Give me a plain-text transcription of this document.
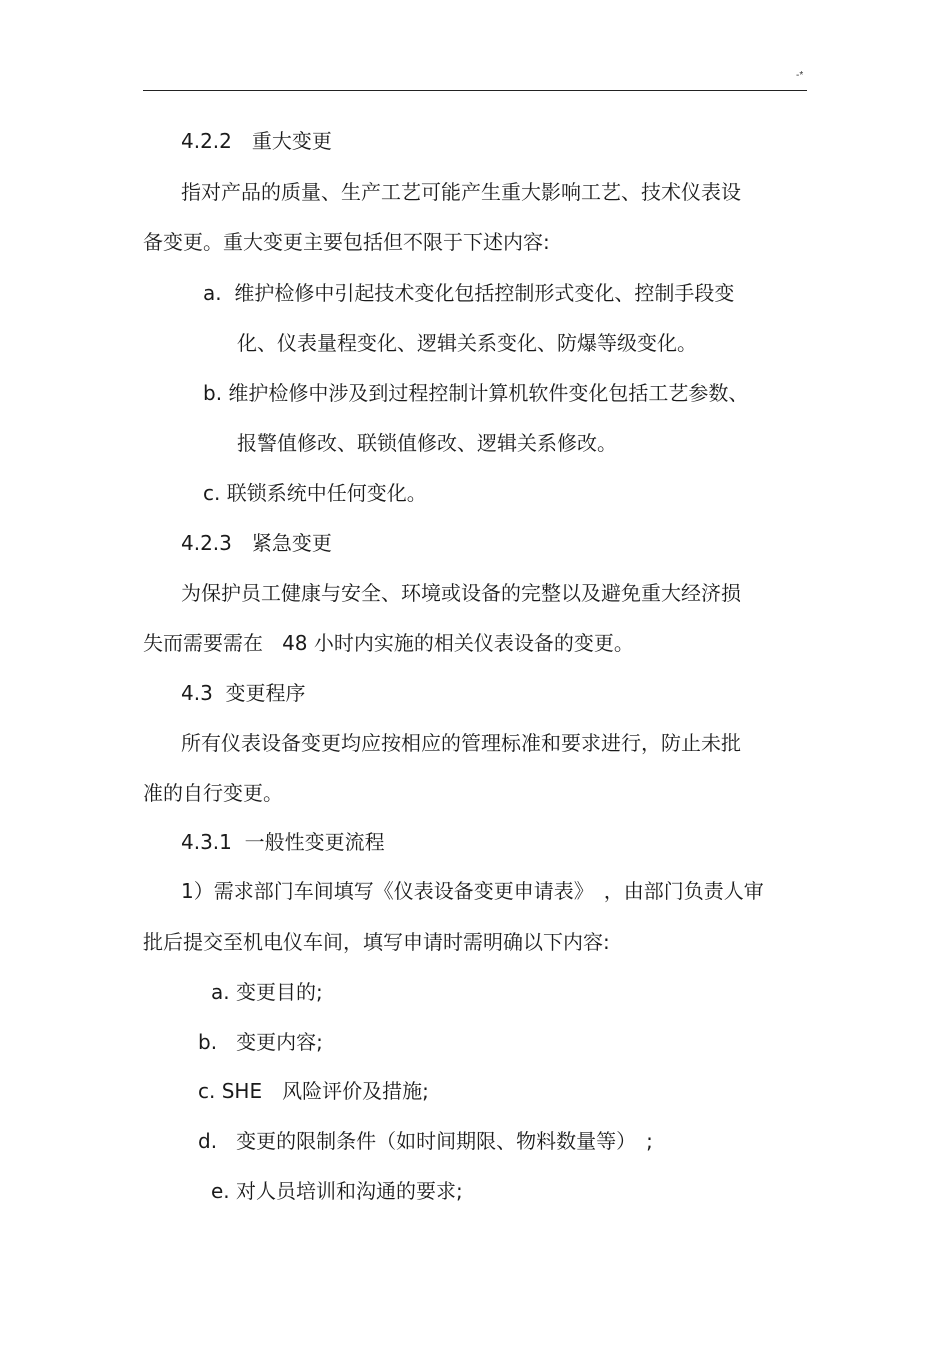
-*
4.2.2　重大变更
指对产品的质量、生产工艺可能产生重大影响工艺、技术仪表设
备变更。重大变更主要包括但不限于下述内容:
a.  维护检修中引起技术变化包括控制形式变化、控制手段变
化、仪表量程变化、逻辑关系变化、防爆等级变化。
b. 维护检修中涉及到过程控制计算机软件变化包括工艺参数、
报警值修改、联锁值修改、逻辑关系修改。
c. 联锁系统中任何变化。
4.2.3　紧急变更
为保护员工健康与安全、环境或设备的完整以及避免重大经济损
失而需要需在   48 小时内实施的相关仪表设备的变更。
4.3  变更程序
所有仪表设备变更均应按相应的管理标准和要求进行，防止未批
准的自行变更。
4.3.1  一般性变更流程
1）需求部门车间填写《仪表设备变更申请表》　，由部门负责人审
批后提交至机电仪车间，填写申请时需明确以下内容:
a. 变更目的;
b.   变更内容;
c. SHE　风险评价及措施;
d.   变更的限制条件（如时间期限、物料数量等）　;
e. 对人员培训和沟通的要求;
